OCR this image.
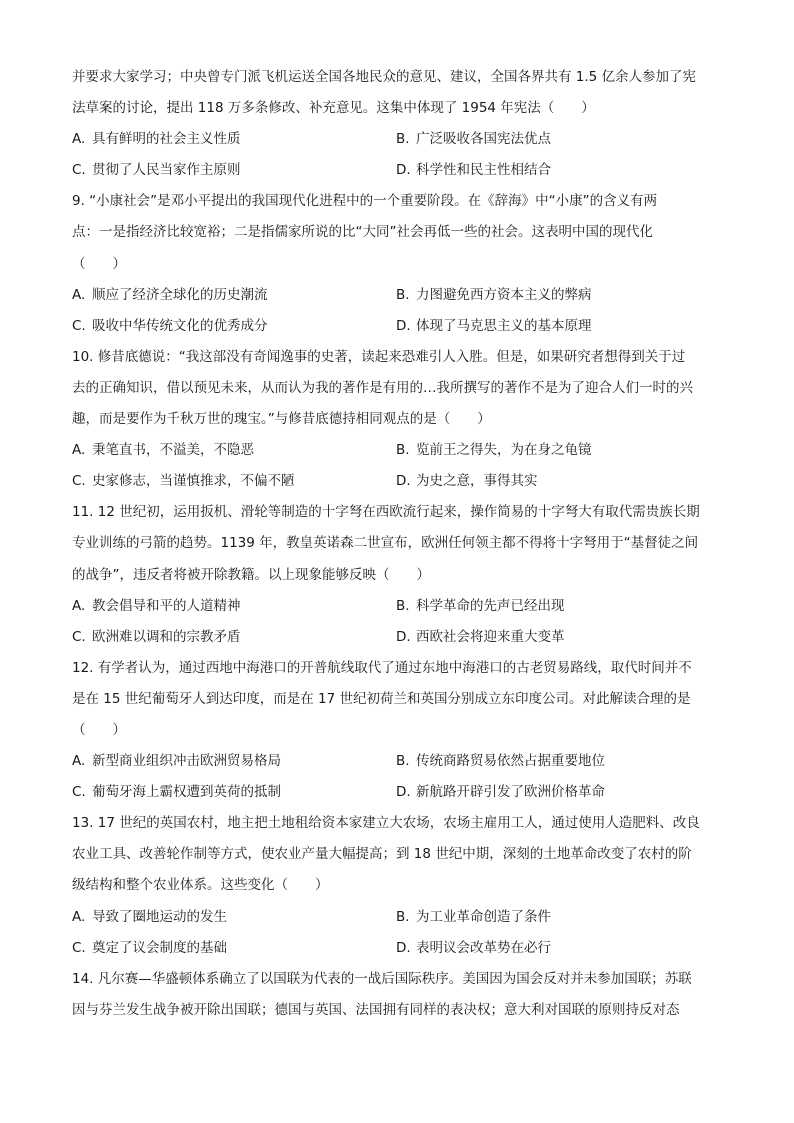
并要求大家学习；中央曾专门派飞机运送全国各地民众的意见、建议，全国各界共有 1.5 亿余人参加了宪
法草案的讨论，提出 118 万多条修改、补充意见。这集中体现了 1954 年宪法（　　）
A. 具有鲜明的社会主义性质	B. 广泛吸收各国宪法优点
C. 贯彻了人民当家作主原则	D. 科学性和民主性相结合
9. “小康社会”是邓小平提出的我国现代化进程中的一个重要阶段。在《辞海》中“小康”的含义有两
点：一是指经济比较宽裕；二是指儒家所说的比“大同”社会再低一些的社会。这表明中国的现代化
（　　）
A. 顺应了经济全球化的历史潮流	B. 力图避免西方资本主义的弊病
C. 吸收中华传统文化的优秀成分	D. 体现了马克思主义的基本原理
10. 修昔底德说：“我这部没有奇闻逸事的史著，读起来恐难引人入胜。但是，如果研究者想得到关于过
去的正确知识，借以预见未来，从而认为我的著作是有用的…我所撰写的著作不是为了迎合人们一时的兴
趣，而是要作为千秋万世的瑰宝。”与修昔底德持相同观点的是（　　）
A. 秉笔直书，不溢美，不隐恶	B. 览前王之得失，为在身之龟镜
C. 史家修志，当谨慎推求，不偏不陋	D. 为史之意，事得其实
11. 12 世纪初，运用扳机、滑轮等制造的十字弩在西欧流行起来，操作简易的十字弩大有取代需贵族长期
专业训练的弓箭的趋势。1139 年，教皇英诺森二世宣布，欧洲任何领主都不得将十字弩用于“基督徒之间
的战争”，违反者将被开除教籍。以上现象能够反映（　　）
A. 教会倡导和平的人道精神	B. 科学革命的先声已经出现
C. 欧洲难以调和的宗教矛盾	D. 西欧社会将迎来重大变革
12. 有学者认为，通过西地中海港口的开普航线取代了通过东地中海港口的古老贸易路线，取代时间并不
是在 15 世纪葡萄牙人到达印度，而是在 17 世纪初荷兰和英国分别成立东印度公司。对此解读合理的是
（　　）
A. 新型商业组织冲击欧洲贸易格局	B. 传统商路贸易依然占据重要地位
C. 葡萄牙海上霸权遭到英荷的抵制	D. 新航路开辟引发了欧洲价格革命
13. 17 世纪的英国农村，地主把土地租给资本家建立大农场，农场主雇用工人，通过使用人造肥料、改良
农业工具、改善轮作制等方式，使农业产量大幅提高；到 18 世纪中期，深刻的土地革命改变了农村的阶
级结构和整个农业体系。这些变化（　　）
A. 导致了圈地运动的发生	B. 为工业革命创造了条件
C. 奠定了议会制度的基础	D. 表明议会改革势在必行
14. 凡尔赛—华盛顿体系确立了以国联为代表的一战后国际秩序。美国因为国会反对并未参加国联；苏联
因与芬兰发生战争被开除出国联；德国与英国、法国拥有同样的表决权；意大利对国联的原则持反对态
